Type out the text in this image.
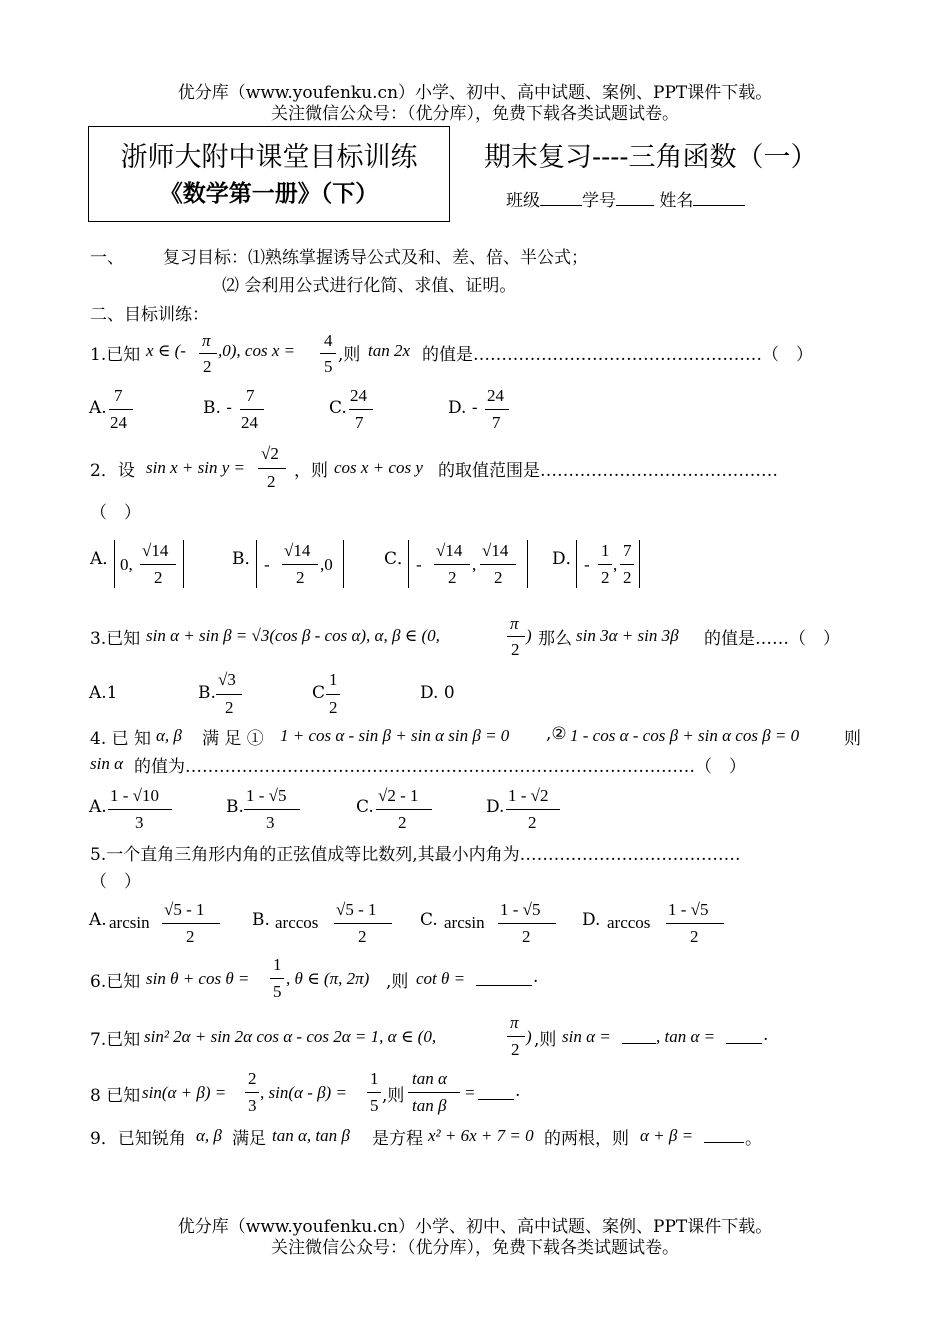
优分库（www.youfenku.cn）小学、初中、高中试题、案例、PPT课件下载。
关注微信公众号：（优分库），免费下载各类试题试卷。
浙师大附中课堂目标训练
《数学第一册》（下）
期末复习----三角函数（一）
班级 学号	姓名
一、 复习目标：⑴熟练掌握诱导公式及和、差、倍、半公式；
⑵ 会利用公式进行化简、求值、证明。
二、目标训练：
1.已知 x ∈ (-
π
2
,0), cos x =
4
5
,则 tan 2x 的值是……………………………………………（　）
A.
7
24
B. -
7
24
C.
24
7
D. -
24
7
2．设 sin x + sin y =
√2
2
，则 cos x + cos y 的取值范围是……………………………………
（　）
A． 0,
√14
2
B． -
√14
2
,0	C． -
√14
2
,
√14
2
D． -
1
2
,
7
2
3.已知 sin α + sin β = √3(cos β - cos α), α, β ∈ (0,
π
2
) 那么 sin 3α + sin 3β 的值是……（　）
A.1	B.
√3
2
C
1
2
D. 0
4. 已 知 α, β 满 足 ① 1 + cos α - sin β + sin α sin β = 0 ,② 1 - cos α - cos β + sin α cos β = 0	则
sin α 的值为………………………………………………………………………………（　）
A.
1 - √10
3
B.
1 - √5
3
C.
√2 - 1
2
D.
1 - √2
2
5.一个直角三角形内角的正弦值成等比数列,其最小内角为…………………………………
（　）
A. arcsin
√5 - 1
2
B. arccos
√5 - 1
2
C. arcsin
1 - √5
2
D. arccos
1 - √5
2
6.已知 sin θ + cos θ =
1
5
, θ ∈ (π, 2π) ,则 cot θ =	.
7.已知 sin² 2α + sin 2α cos α - cos 2α = 1, α ∈ (0,
π
2
) ,则 sin α =	, tan α =	.
8 已知 sin(α + β) =
2
3
, sin(α - β) =
1
5 ,则
tan α
tan β
= .
9．已知锐角 α, β 满足 tan α, tan β 是方程 x² + 6x + 7 = 0 的两根，则 α + β =	。
优分库（www.youfenku.cn）小学、初中、高中试题、案例、PPT课件下载。
关注微信公众号：（优分库），免费下载各类试题试卷。
